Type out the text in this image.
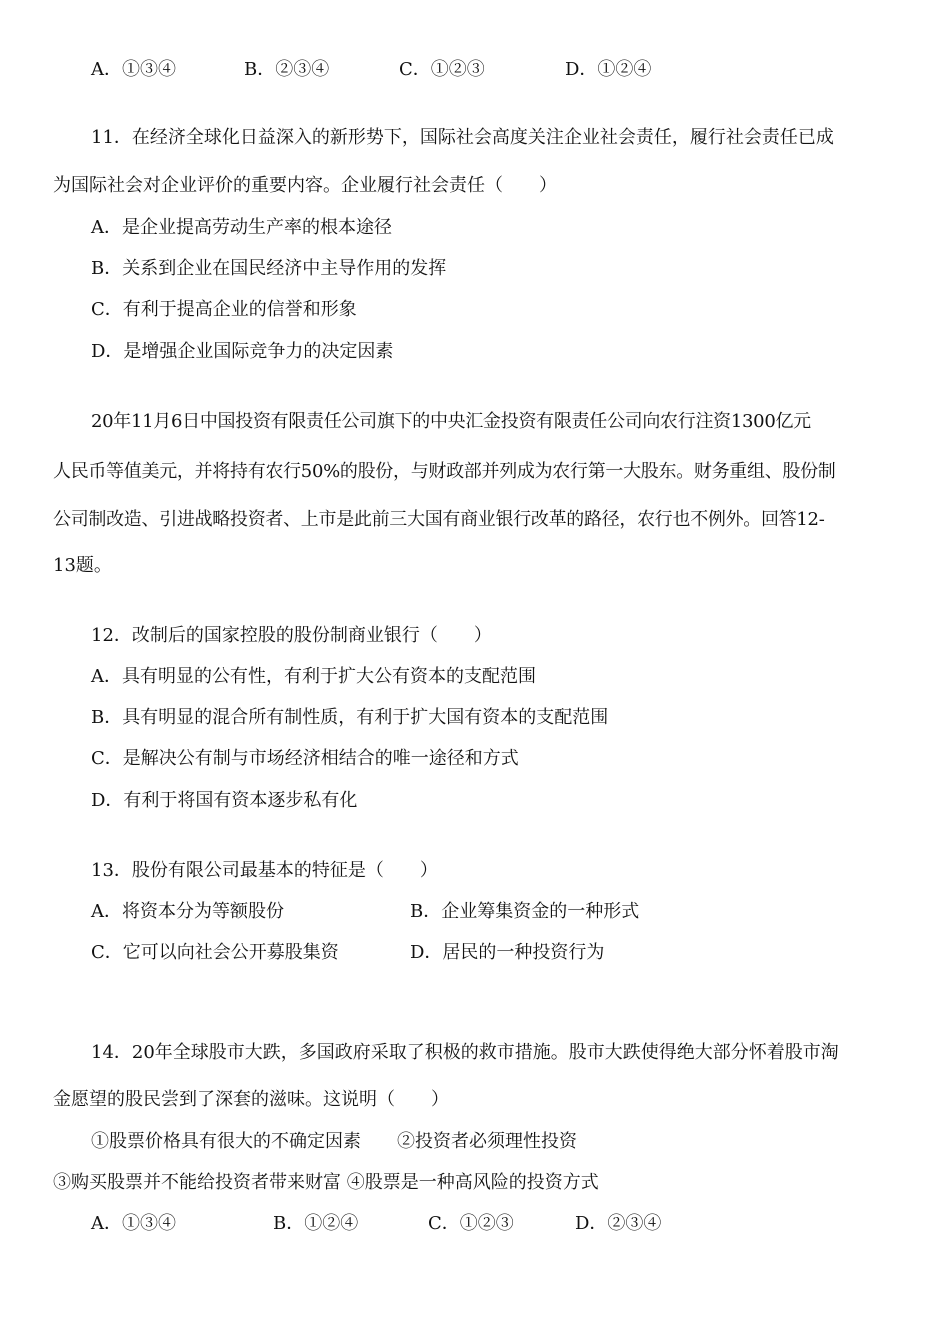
A．①③④	B．②③④	C．①②③	D．①②④
11．在经济全球化日益深入的新形势下，国际社会高度关注企业社会责任，履行社会责任已成
为国际社会对企业评价的重要内容。企业履行社会责任（　　）
A．是企业提高劳动生产率的根本途径
B．关系到企业在国民经济中主导作用的发挥
C．有利于提高企业的信誉和形象
D．是增强企业国际竞争力的决定因素
20年11月6日中国投资有限责任公司旗下的中央汇金投资有限责任公司向农行注资1300亿元
人民币等值美元，并将持有农行50%的股份，与财政部并列成为农行第一大股东。财务重组、股份制
公司制改造、引进战略投资者、上市是此前三大国有商业银行改革的路径，农行也不例外。回答12-
13题。
12．改制后的国家控股的股份制商业银行（　　）
A．具有明显的公有性，有利于扩大公有资本的支配范围
B．具有明显的混合所有制性质，有利于扩大国有资本的支配范围
C．是解决公有制与市场经济相结合的唯一途径和方式
D．有利于将国有资本逐步私有化
13．股份有限公司最基本的特征是（　　）
A．将资本分为等额股份	B．企业筹集资金的一种形式
C．它可以向社会公开募股集资	D．居民的一种投资行为
14．20年全球股市大跌，多国政府采取了积极的救市措施。股市大跌使得绝大部分怀着股市淘
金愿望的股民尝到了深套的滋味。这说明（　　）
①股票价格具有很大的不确定因素　　②投资者必须理性投资
③购买股票并不能给投资者带来财富 ④股票是一种高风险的投资方式
A．①③④	B．①②④	C．①②③	D．②③④
